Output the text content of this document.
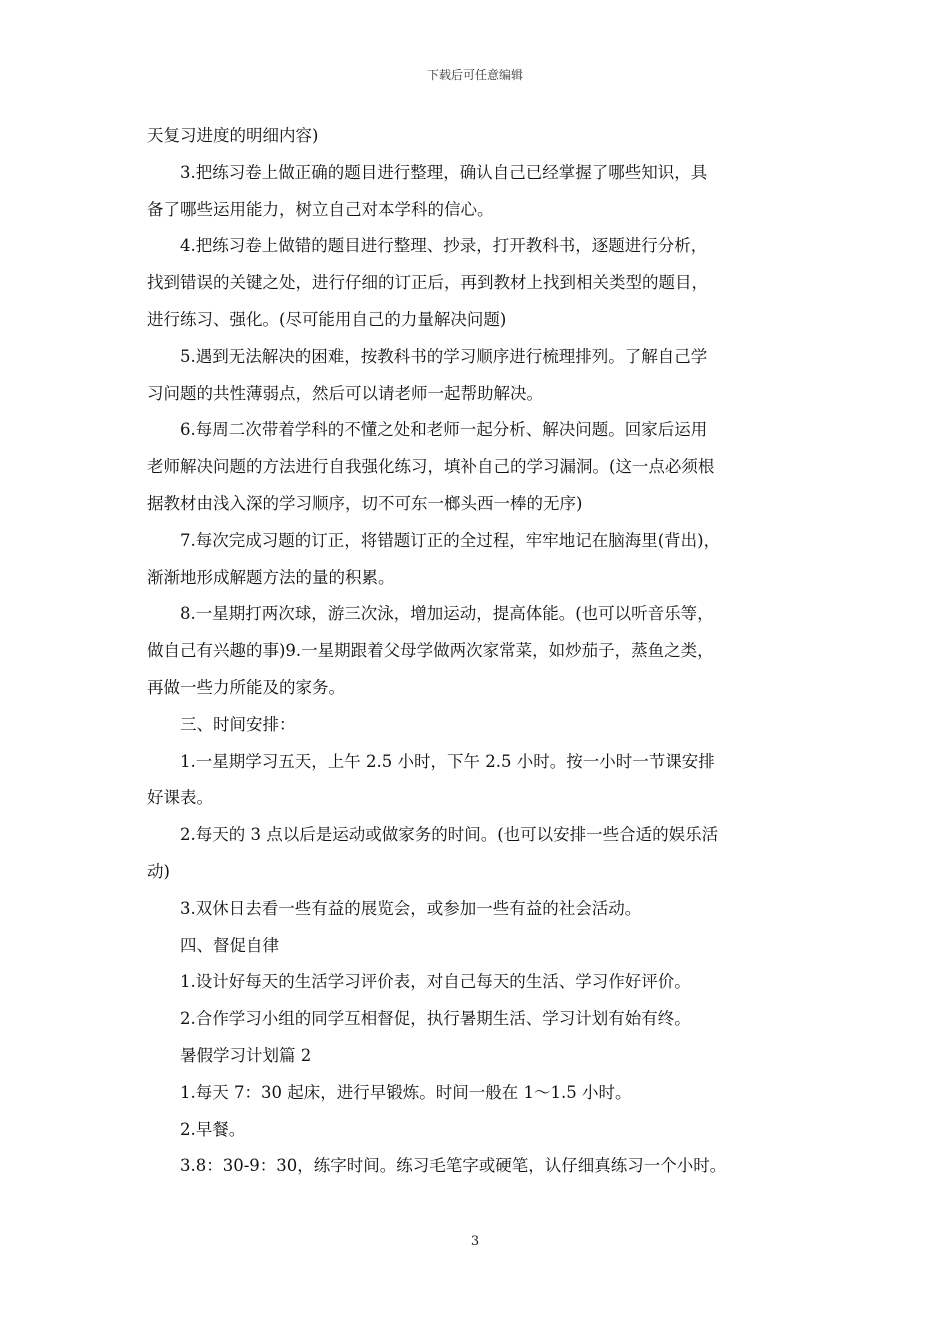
下载后可任意编辑
天复习进度的明细内容)
3.把练习卷上做正确的题目进行整理，确认自己已经掌握了哪些知识，具
备了哪些运用能力，树立自己对本学科的信心。
4.把练习卷上做错的题目进行整理、抄录，打开教科书，逐题进行分析，
找到错误的关键之处，进行仔细的订正后，再到教材上找到相关类型的题目，
进行练习、强化。(尽可能用自己的力量解决问题)
5.遇到无法解决的困难，按教科书的学习顺序进行梳理排列。了解自己学
习问题的共性薄弱点，然后可以请老师一起帮助解决。
6.每周二次带着学科的不懂之处和老师一起分析、解决问题。回家后运用
老师解决问题的方法进行自我强化练习，填补自己的学习漏洞。(这一点必须根
据教材由浅入深的学习顺序，切不可东一榔头西一棒的无序)
7.每次完成习题的订正，将错题订正的全过程，牢牢地记在脑海里(背出)，
渐渐地形成解题方法的量的积累。
8.一星期打两次球，游三次泳，增加运动，提高体能。(也可以听音乐等，
做自己有兴趣的事)9.一星期跟着父母学做两次家常菜，如炒茄子，蒸鱼之类，
再做一些力所能及的家务。
三、时间安排：
1.一星期学习五天，上午 2.5 小时，下午 2.5 小时。按一小时一节课安排
好课表。
2.每天的 3 点以后是运动或做家务的时间。(也可以安排一些合适的娱乐活
动)
3.双休日去看一些有益的展览会，或参加一些有益的社会活动。
四、督促自律
1.设计好每天的生活学习评价表，对自己每天的生活、学习作好评价。
2.合作学习小组的同学互相督促，执行暑期生活、学习计划有始有终。
暑假学习计划篇 2
1.每天 7：30 起床，进行早锻炼。时间一般在 1～1.5 小时。
2.早餐。
3.8：30-9：30，练字时间。练习毛笔字或硬笔，认仔细真练习一个小时。
3
